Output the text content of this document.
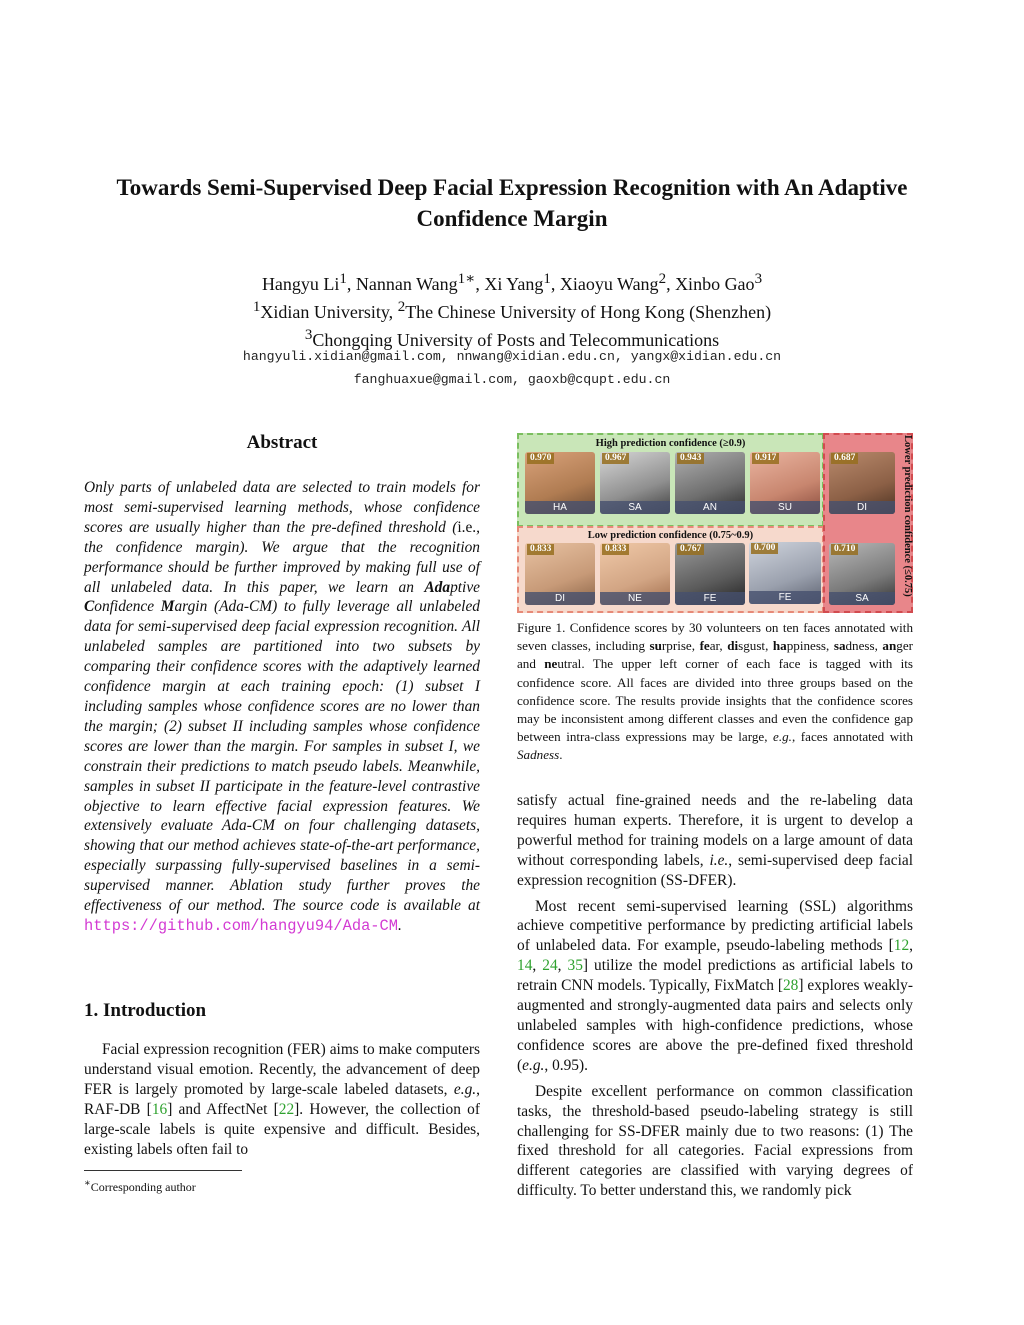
Towards Semi-Supervised Deep Facial Expression Recognition with An Adaptive
Confidence Margin
Hangyu Li$^1$, Nannan Wang$^{1∗}$, Xi Yang$^1$, Xiaoyu Wang$^2$, Xinbo Gao$^3$
$^1$Xidian University, $^2$The Chinese University of Hong Kong (Shenzhen)
$^3$Chongqing University of Posts and Telecommunications
hangyuli.xidian@gmail.com, nnwang@xidian.edu.cn, yangx@xidian.edu.cn
fanghuaxue@gmail.com, gaoxb@cqupt.edu.cn
Abstract
Only parts of unlabeled data are selected to train models for most semi-supervised learning methods, whose confidence scores are usually higher than the pre-defined threshold (i.e., the confidence margin). We argue that the recognition performance should be further improved by making full use of all unlabeled data. In this paper, we learn an Adaptive Confidence Margin (Ada-CM) to fully leverage all unlabeled data for semi-supervised deep facial expression recognition. All unlabeled samples are partitioned into two subsets by comparing their confidence scores with the adaptively learned confidence margin at each training epoch: (1) subset I including samples whose confidence scores are no lower than the margin; (2) subset II including samples whose confidence scores are lower than the margin. For samples in subset I, we constrain their predictions to match pseudo labels. Meanwhile, samples in subset II participate in the feature-level contrastive objective to learn effective facial expression features. We extensively evaluate Ada-CM on four challenging datasets, showing that our method achieves state-of-the-art performance, especially surpassing fully-supervised baselines in a semi-supervised manner. Ablation study further proves the effectiveness of our method. The source code is available at https://github.com/hangyu94/Ada-CM.
1. Introduction

Facial expression recognition (FER) aims to make computers understand visual emotion. Recently, the advancement of deep FER is largely promoted by large-scale labeled datasets, e.g., RAF-DB [16] and AffectNet [22]. However, the collection of large-scale labels is quite expensive and difficult. Besides, existing labels often fail to

∗Corresponding author
High prediction confidence (≥0.9)
0.970
HA
0.967
SA
0.943
AN
0.917
SU
Low prediction confidence (0.75~0.9)
0.833
DI
0.833
NE
0.767
FE
0.687
DI
0.710
SA
Lower prediction confidence (≤0.75)
0.700
FE
Figure 1. Confidence scores by 30 volunteers on ten faces annotated with seven classes, including surprise, fear, disgust, happiness, sadness, anger and neutral. The upper left corner of each face is tagged with its confidence score. All faces are divided into three groups based on the confidence score. The results provide insights that the confidence scores may be inconsistent among different classes and even the confidence gap between intra-class expressions may be large, e.g., faces annotated with Sadness.

satisfy actual fine-grained needs and the re-labeling data requires human experts. Therefore, it is urgent to develop a powerful method for training models on a large amount of data without corresponding labels, i.e., semi-supervised deep facial expression recognition (SS-DFER).

Most recent semi-supervised learning (SSL) algorithms achieve competitive performance by predicting artificial labels of unlabeled data. For example, pseudo-labeling methods [12, 14, 24, 35] utilize the model predictions as artificial labels to retrain CNN models. Typically, FixMatch [28] explores weakly-augmented and strongly-augmented data pairs and selects only unlabeled samples with high-confidence predictions, whose confidence scores are above the pre-defined fixed threshold (e.g., 0.95).

Despite excellent performance on common classification tasks, the threshold-based pseudo-labeling strategy is still challenging for SS-DFER mainly due to two reasons: (1) The fixed threshold for all categories. Facial expressions from different categories are classified with varying degrees of difficulty. To better understand this, we randomly pick
